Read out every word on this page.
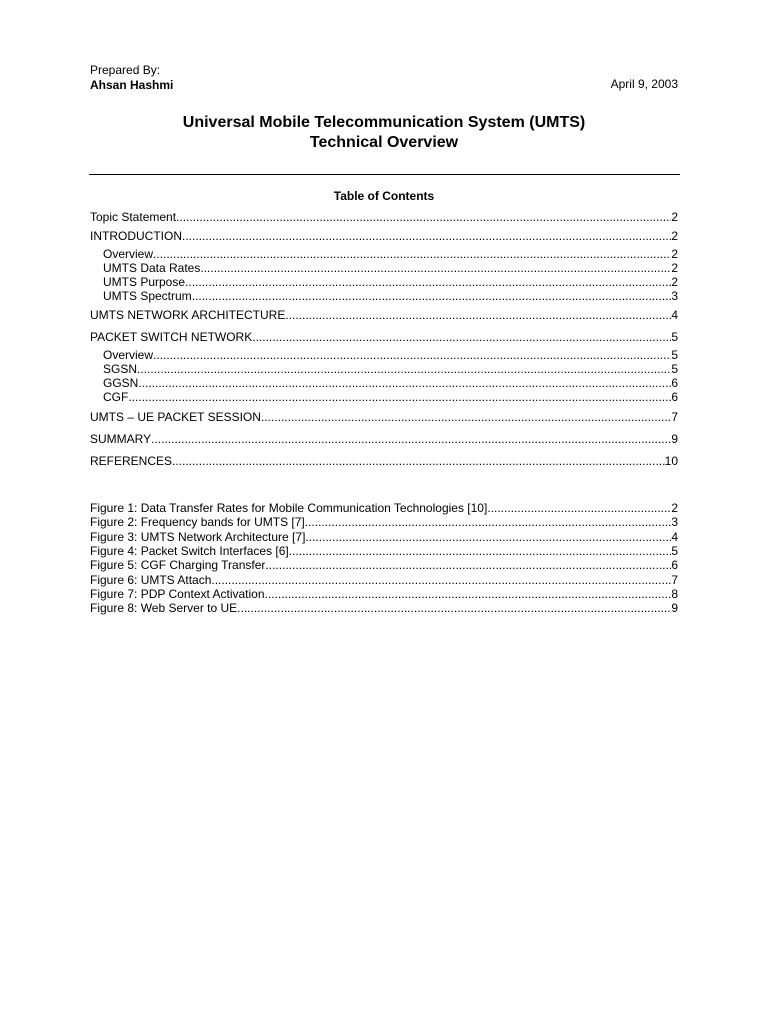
Prepared By:
Ahsan Hashmi	April 9, 2003
Universal Mobile Telecommunication System (UMTS)
Technical Overview
Table of Contents
Topic Statement .....	2
INTRODUCTION .....	2
Overview .....	2
UMTS Data Rates .....	2
UMTS Purpose .....	2
UMTS Spectrum .....	3
UMTS NETWORK ARCHITECTURE .....	4
PACKET SWITCH NETWORK .....	5
Overview .....	5
SGSN .....	5
GGSN .....	6
CGF .....	6
UMTS – UE PACKET SESSION .....	7
SUMMARY .....	9
REFERENCES .....	10
Figure 1: Data Transfer Rates for Mobile Communication Technologies [10] .....	2
Figure 2: Frequency bands for UMTS [7] .....	3
Figure 3: UMTS Network Architecture [7] .....	4
Figure 4: Packet Switch Interfaces [6] .....	5
Figure 5: CGF Charging Transfer .....	6
Figure 6: UMTS Attach .....	7
Figure 7: PDP Context Activation .....	8
Figure 8: Web Server to UE .....	9
